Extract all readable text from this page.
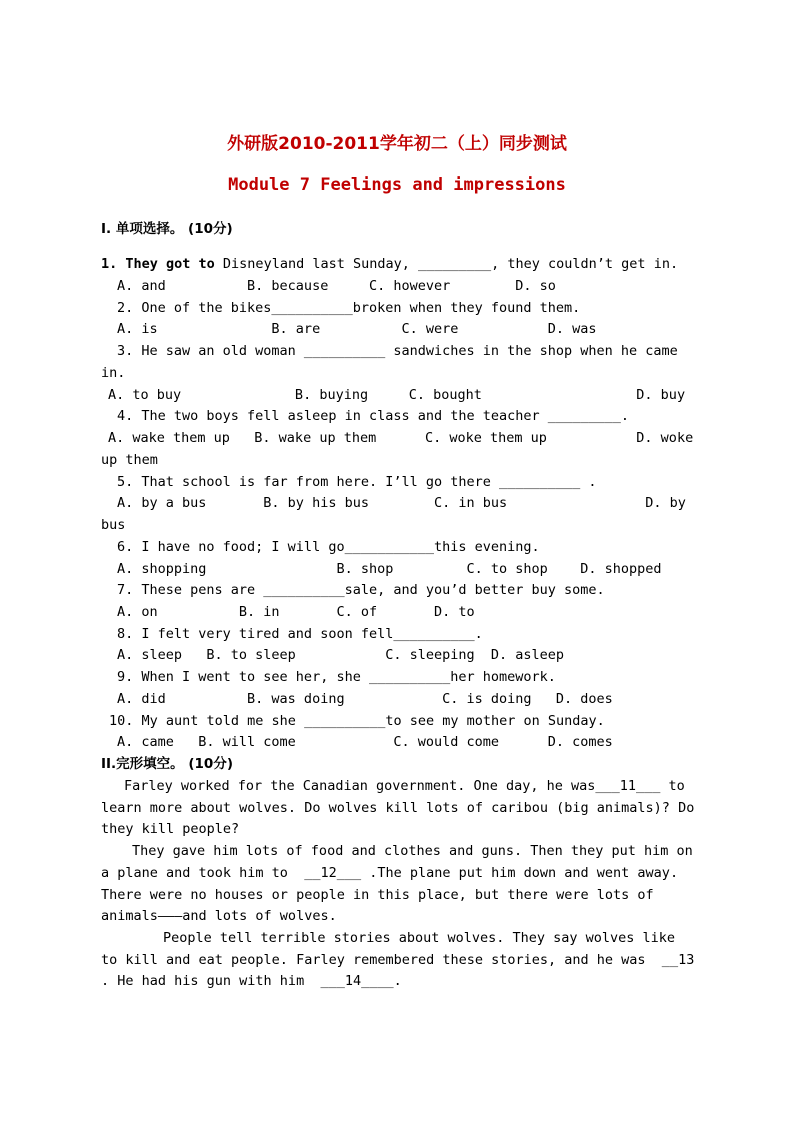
外研版2010-2011学年初二（上）同步测试
Module 7 Feelings and impressions
I. 单项选择。 (10分)
1. They got to Disneyland last Sunday, _________, they couldn’t get in.
A. and          B. because     C. however        D. so
2. One of the bikes__________broken when they found them.
A. is              B. are          C. were           D. was
3. He saw an old woman __________ sandwiches in the shop when he came
in.
A. to buy              B. buying     C. bought                   D. buy
4. The two boys fell asleep in class and the teacher _________.
A. wake them up   B. wake up them      C. woke them up           D. woke
up them
5. That school is far from here. I’ll go there __________ .
A. by a bus       B. by his bus        C. in bus                 D. by
bus
6. I have no food; I will go___________this evening.
A. shopping                B. shop         C. to shop    D. shopped
7. These pens are __________sale, and you’d better buy some.
A. on          B. in       C. of       D. to
8. I felt very tired and soon fell__________.
A. sleep   B. to sleep           C. sleeping  D. asleep
9. When I went to see her, she __________her homework.
A. did          B. was doing            C. is doing   D. does
10. My aunt told me she __________to see my mother on Sunday.
A. came   B. will come            C. would come      D. comes
II.完形填空。 (10分)
Farley worked for the Canadian government. One day, he was___11___ to
learn more about wolves. Do wolves kill lots of caribou (big animals)? Do
they kill people?
They gave him lots of food and clothes and guns. Then they put him on
a plane and took him to  __12___ .The plane put him down and went away.
There were no houses or people in this place, but there were lots of
animals———and lots of wolves.
People tell terrible stories about wolves. They say wolves like
to kill and eat people. Farley remembered these stories, and he was  __13
. He had his gun with him  ___14____.
